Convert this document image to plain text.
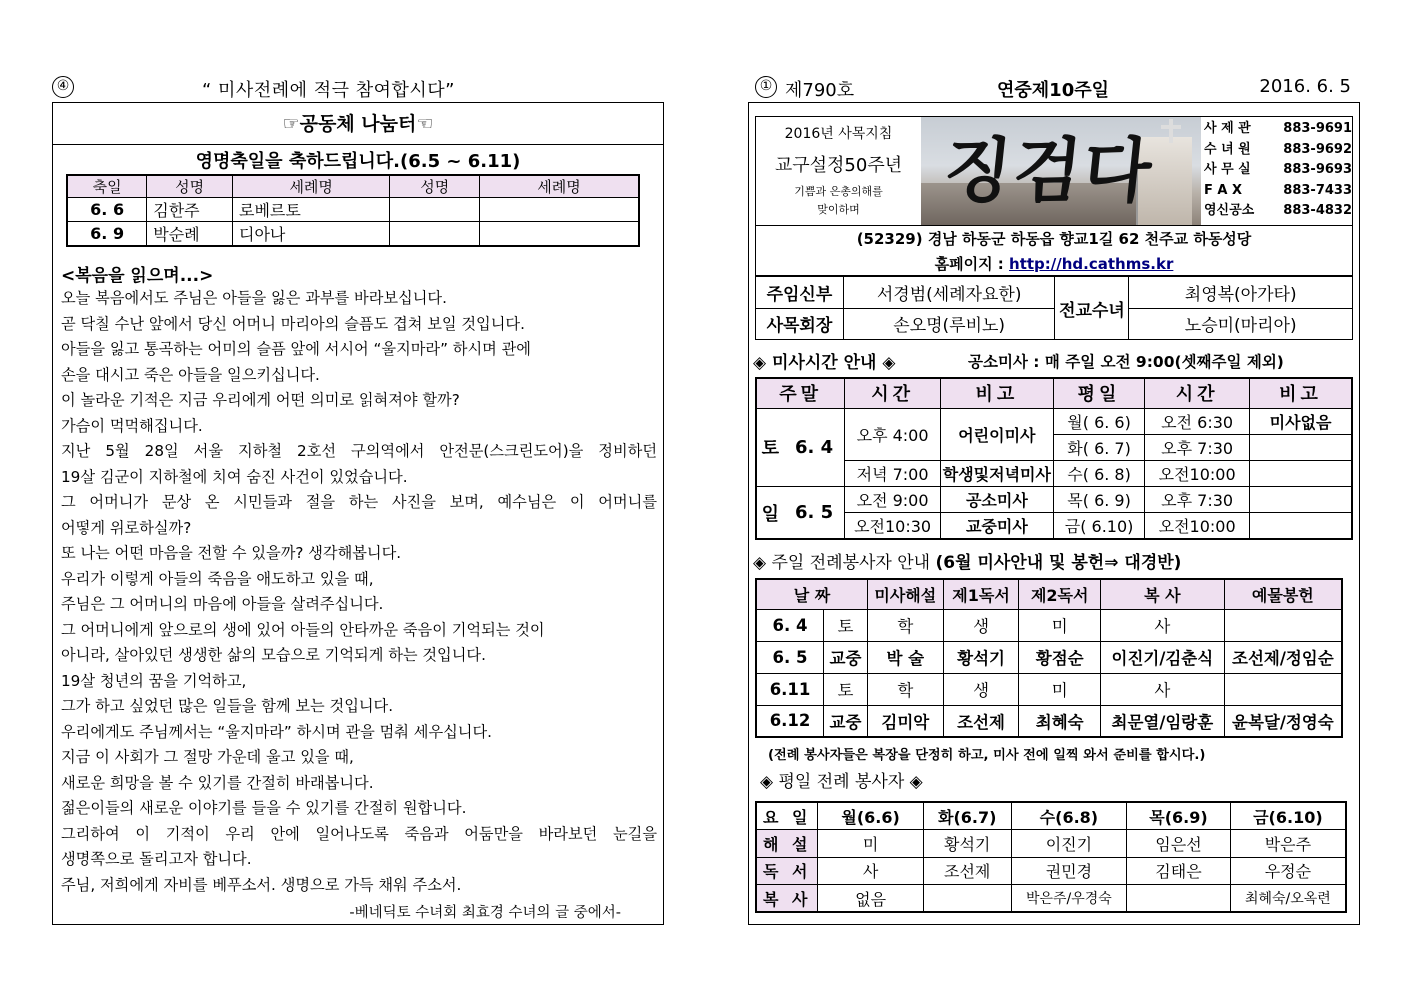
④	“ 미사전례에 적극 참여합시다”
☞공동체 나눔터☜
영명축일을 축하드립니다.(6.5 ~ 6.11)
축일	성명	세례명	성명	세례명
6. 6	김한주	로베르토		
6. 9	박순례	디아나		
<복음을 읽으며...>

오늘 복음에서도 주님은 아들을 잃은 과부를 바라보십니다.

곧 닥칠 수난 앞에서 당신 어머니 마리아의 슬픔도 겹쳐 보일 것입니다.

아들을 잃고 통곡하는 어미의 슬픔 앞에 서시어 “울지마라” 하시며 관에

손을 대시고 죽은 아들을 일으키십니다.

이 놀라운 기적은 지금 우리에게 어떤 의미로 읽혀져야 할까?

가슴이 먹먹해집니다.

지난 5월 28일 서울 지하철 2호선 구의역에서 안전문(스크린도어)을 정비하던

19살 김군이 지하철에 치여 숨진 사건이 있었습니다.

그 어머니가 문상 온 시민들과 절을 하는 사진을 보며, 예수님은 이 어머니를

어떻게 위로하실까?

또 나는 어떤 마음을 전할 수 있을까? 생각해봅니다.

우리가 이렇게 아들의 죽음을 애도하고 있을 때,

주님은 그 어머니의 마음에 아들을 살려주십니다.

그 어머니에게 앞으로의 생에 있어 아들의 안타까운 죽음이 기억되는 것이

아니라, 살아있던 생생한 삶의 모습으로 기억되게 하는 것입니다.

19살 청년의 꿈을 기억하고,

그가 하고 싶었던 많은 일들을 함께 보는 것입니다.

우리에게도 주님께서는 “울지마라” 하시며 관을 멈춰 세우십니다.

지금 이 사회가 그 절망 가운데 울고 있을 때,

새로운 희망을 볼 수 있기를 간절히 바래봅니다.

젊은이들의 새로운 이야기를 들을 수 있기를 간절히 원합니다.

그리하여 이 기적이 우리 안에 일어나도록 죽음과 어둠만을 바라보던 눈길을

생명쪽으로 돌리고자 합니다.

주님, 저희에게 자비를 베푸소서. 생명으로 가득 채워 주소서.

-베네딕토 수녀회 최효경 수녀의 글 중에서-
① 제790호	연중제10주일	2016. 6. 5
2016년 사목지침
교구설정50주년
기쁨과 은총의해를
맞이하며	징검다리
사 제 관	883-9691
수 녀 원	883-9692
사 무 실	883-9693
F A X	883-7433
영신공소 883-4832
(52329) 경남 하동군 하동읍 향교1길 62 천주교 하동성당
홈페이지 : http://hd.cathms.kr
주임신부	서경범(세례자요한)	전교수녀	최영복(아가타)
사목회장	손오명(루비노)		노승미(마리아)
◈ 미사시간 안내 ◈	공소미사 : 매 주일 오전 9:00(셋째주일 제외)
주말		시간	비고	평일	시간	비고
토	6. 4	오후 4:00	어린이미사	월( 6. 6)	오전 6:30	미사없음
				화( 6. 7)	오후 7:30	
		저녁 7:00	학생및저녁미사	수( 6. 8)	오전10:00	
일	6. 5	오전 9:00	공소미사	목( 6. 9)	오후 7:30	
		오전10:30	교중미사	금( 6.10)	오전10:00	
◈ 주일 전례봉사자 안내 (6월 미사안내 및 봉헌⇒ 대경반)
날 짜		미사해설	제1독서	제2독서	복 사	예물봉헌
6. 4	토	학	생	미	사	
6. 5	교중	박 술	황석기	황점순	이진기/김춘식	조선제/정임순
6.11	토	학	생	미	사	
6.12	교중	김미악	조선제	최혜숙	최문열/임랑훈	윤복달/정영숙
(전례 봉사자들은 복장을 단정히 하고, 미사 전에 일찍 와서 준비를 합시다.)
◈ 평일 전례 봉사자 ◈
요 일	월(6.6)	화(6.7)	수(6.8)	목(6.9)	금(6.10)
해 설	미	황석기	이진기	임은선	박은주
독 서	사	조선제	권민경	김태은	우정순
복 사	없음		박은주/우경숙		최혜숙/오옥련
